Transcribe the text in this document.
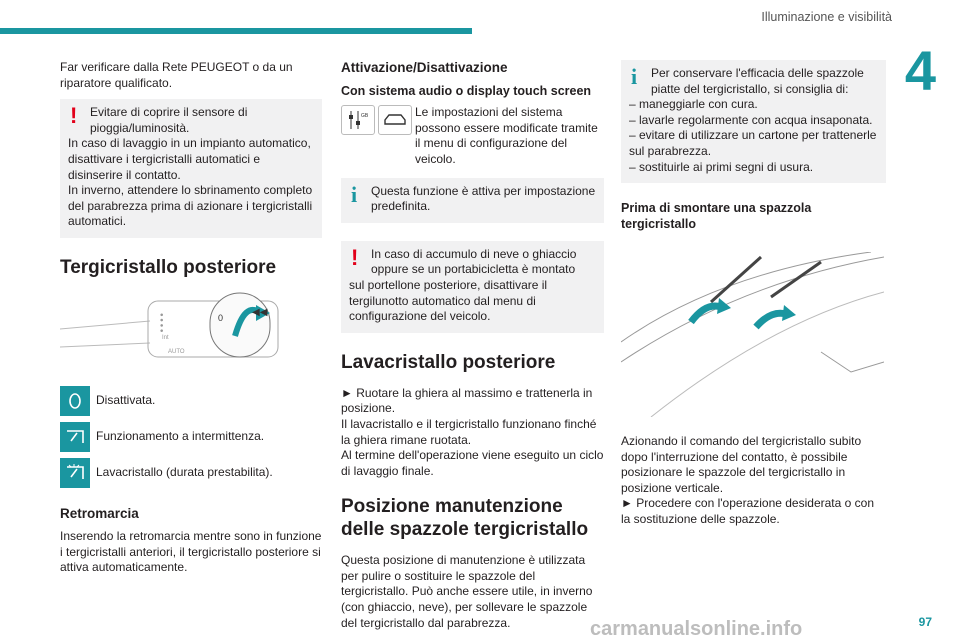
Illuminazione e visibilità
4

Far verificare dalla Rete PEUGEOT o da un riparatore qualificato.

!	Evitare di coprire il sensore di pioggia/luminosità.
In caso di lavaggio in un impianto automatico, disattivare i tergicristalli automatici e disinserire il contatto.
In inverno, attendere lo sbrinamento completo del parabrezza prima di azionare i tergicristalli automatici.
Tergicristallo posteriore
● ● ● ●
Int
AUTO
0	◀◀
Disattivata.
Funzionamento a intermittenza.
Lavacristallo (durata prestabilita).
Retromarcia

Inserendo la retromarcia mentre sono in funzione i tergicristalli anteriori, il tergicristallo posteriore si attiva automaticamente.

Attivazione/Disattivazione
Con sistema audio o display touch screen
GB	Le impostazioni del sistema possono essere modificate tramite il menu di configurazione del veicolo.
i	Questa funzione è attiva per impostazione predefinita.
!	In caso di accumulo di neve o ghiaccio oppure se un portabicicletta è montato
sul portellone posteriore, disattivare il tergilunotto automatico dal menu di configurazione del veicolo.
Lavacristallo posteriore

► Ruotare la ghiera al massimo e trattenerla in posizione.

Il lavacristallo e il tergicristallo funzionano finché la ghiera rimane ruotata.
Al termine dell'operazione viene eseguito un ciclo di lavaggio finale.
Posizione manutenzione delle spazzole tergicristallo

Questa posizione di manutenzione è utilizzata per pulire o sostituire le spazzole del tergicristallo. Può anche essere utile, in inverno (con ghiaccio, neve), per sollevare le spazzole del tergicristallo dal parabrezza.

i	Per conservare l'efficacia delle spazzole piatte del tergicristallo, si consiglia di:
– maneggiarle con cura.
– lavarle regolarmente con acqua insaponata.
– evitare di utilizzare un cartone per trattenerle sul parabrezza.
– sostituirle ai primi segni di usura.
Prima di smontare una spazzola tergicristallo

Azionando il comando del tergicristallo subito dopo l'interruzione del contatto, è possibile posizionare le spazzole del tergicristallo in posizione verticale.

► Procedere con l'operazione desiderata o con la sostituzione delle spazzole.

carmanualsonline.info	97
